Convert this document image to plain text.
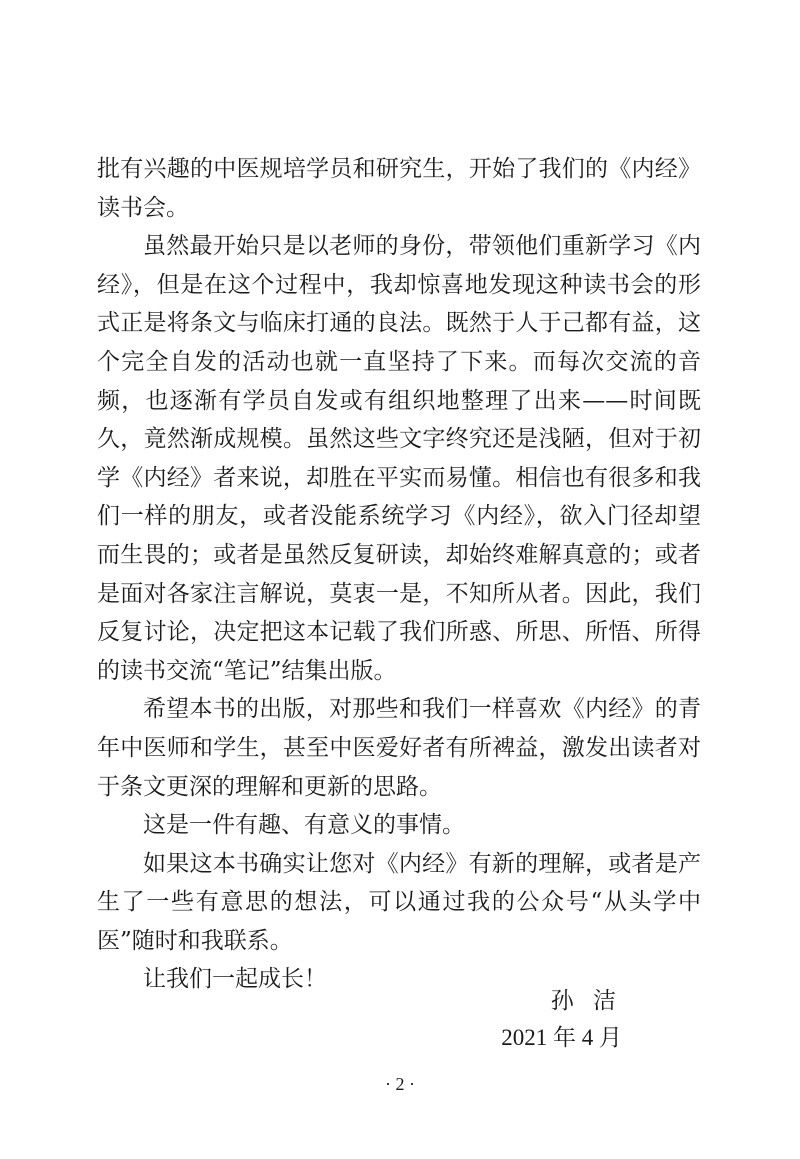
批有兴趣的中医规培学员和研究生，开始了我们的《内经》读书会。

虽然最开始只是以老师的身份，带领他们重新学习《内经》，但是在这个过程中，我却惊喜地发现这种读书会的形式正是将条文与临床打通的良法。既然于人于己都有益，这个完全自发的活动也就一直坚持了下来。而每次交流的音频，也逐渐有学员自发或有组织地整理了出来——时间既久，竟然渐成规模。虽然这些文字终究还是浅陋，但对于初学《内经》者来说，却胜在平实而易懂。相信也有很多和我们一样的朋友，或者没能系统学习《内经》，欲入门径却望而生畏的；或者是虽然反复研读，却始终难解真意的；或者是面对各家注言解说，莫衷一是，不知所从者。因此，我们反复讨论，决定把这本记载了我们所惑、所思、所悟、所得的读书交流“笔记”结集出版。

希望本书的出版，对那些和我们一样喜欢《内经》的青年中医师和学生，甚至中医爱好者有所裨益，激发出读者对于条文更深的理解和更新的思路。

这是一件有趣、有意义的事情。

如果这本书确实让您对《内经》有新的理解，或者是产生了一些有意思的想法，可以通过我的公众号“从头学中医”随时和我联系。

让我们一起成长！

孙 洁
2021 年 4 月
· 2 ·
